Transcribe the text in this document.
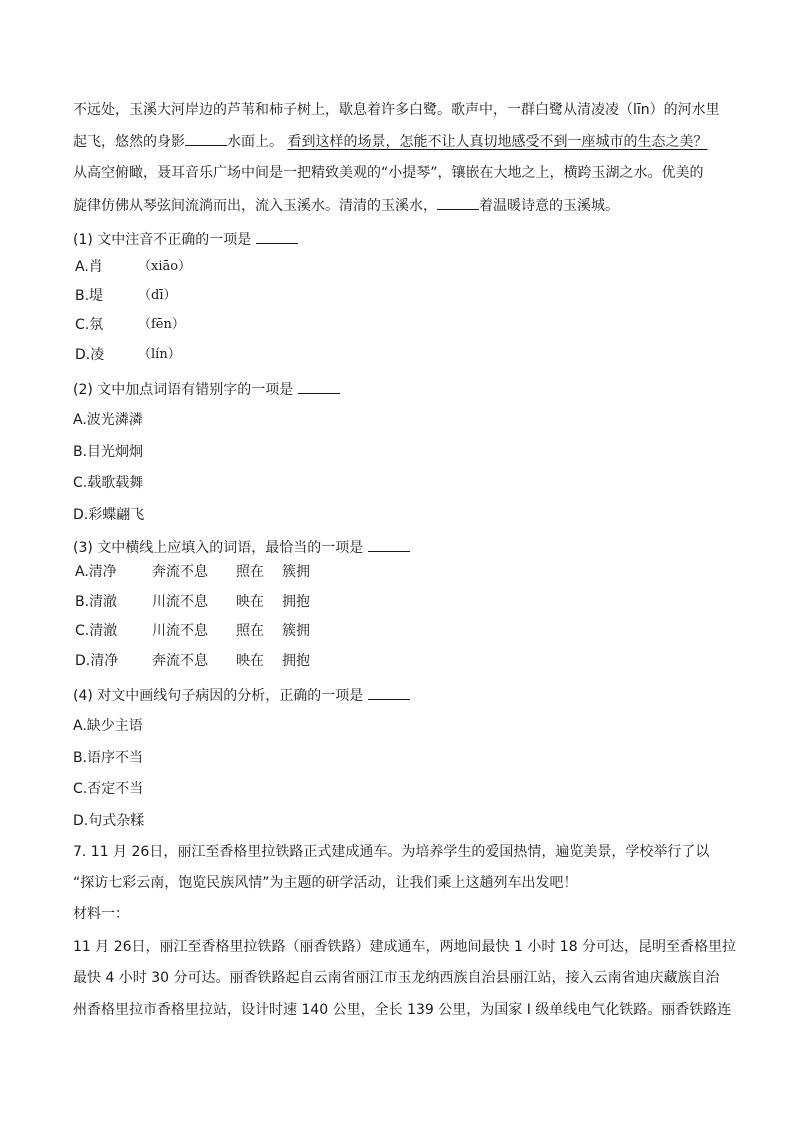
不远处，玉溪大河岸边的芦苇和柿子树上，歇息着许多白鹭。歌声中，一群白鹭从清凌凌（līn）的河水里
起飞，悠然的身影	水面上。 看到这样的场景，怎能不让人真切地感受不到一座城市的生态之美？
从高空俯瞰，聂耳音乐广场中间是一把精致美观的“小提琴”，镶嵌在大地之上，横跨玉湖之水。优美的
旋律仿佛从琴弦间流淌而出，流入玉溪水。清清的玉溪水，	着温暖诗意的玉溪城。
(1) 文中注音不正确的一项是
A.肖	（xiāo）
B.堤	（dī）
C.氛	（fēn）
D.凌	（lín）
(2) 文中加点词语有错别字的一项是
A.波光潾潾
B.目光炯炯
C.载歌载舞
D.彩蝶翩飞
(3) 文中横线上应填入的词语，最恰当的一项是
A.清净	奔流不息 照在 簇拥
B.清澈 川流不息 映在 拥抱
C.清澈 川流不息 照在 簇拥
D.清净 奔流不息 映在 拥抱
(4) 对文中画线句子病因的分析，正确的一项是
A.缺少主语
B.语序不当
C.否定不当
D.句式杂糅
7. 11 月 26日，丽江至香格里拉铁路正式建成通车。为培养学生的爱国热情，遍览美景，学校举行了以
“探访七彩云南，饱览民族风情”为主题的研学活动，让我们乘上这趟列车出发吧！
材料一：
11 月 26日，丽江至香格里拉铁路（丽香铁路）建成通车，两地间最快 1 小时 18 分可达，昆明至香格里拉
最快 4 小时 30 分可达。丽香铁路起自云南省丽江市玉龙纳西族自治县丽江站，接入云南省迪庆藏族自治
州香格里拉市香格里拉站，设计时速 140 公里，全长 139 公里，为国家 I 级单线电气化铁路。丽香铁路连
